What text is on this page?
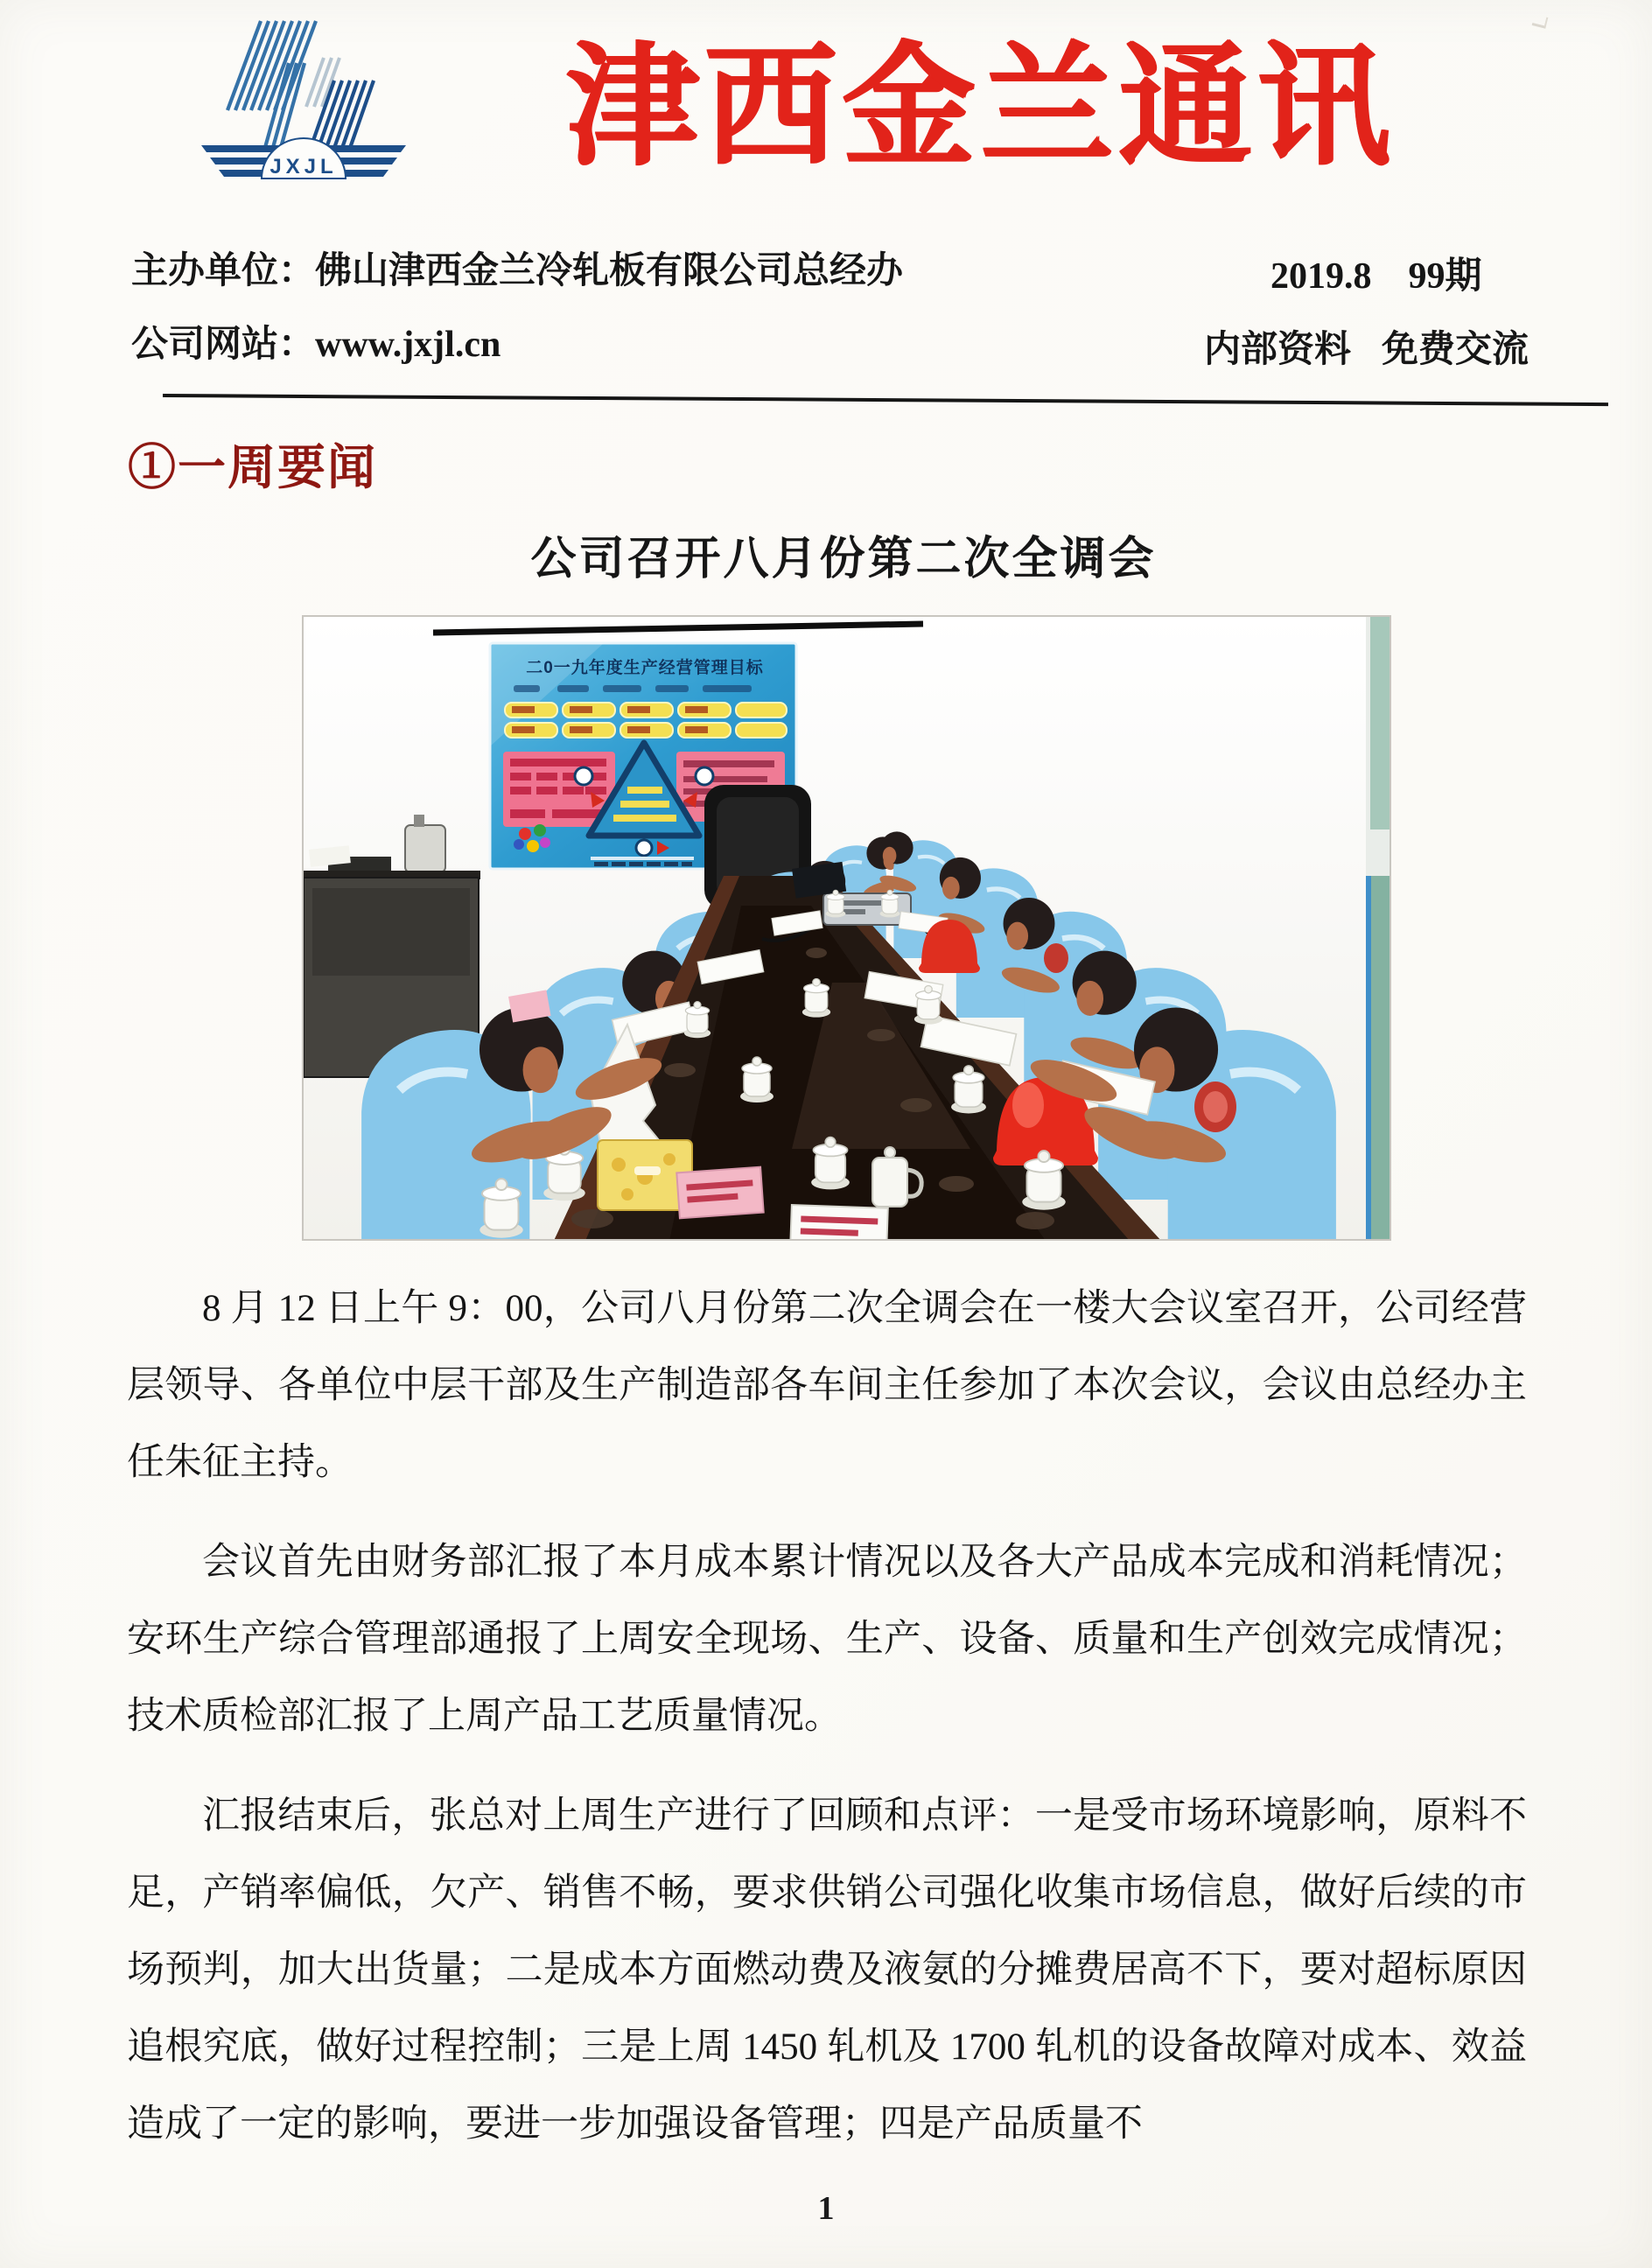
JXJL	津西金兰通讯
主办单位：佛山津西金兰冷轧板有限公司总经办	2019.8    99期
公司网站：www.jxjl.cn	内部资料   免费交流
①一周要闻
公司召开八月份第二次全调会
二0一九年度生产经营管理目标

8 月 12 日上午 9：00，公司八月份第二次全调会在一楼大会议室召开，公司经营层领导、各单位中层干部及生产制造部各车间主任参加了本次会议，会议由总经办主任朱征主持。

会议首先由财务部汇报了本月成本累计情况以及各大产品成本完成和消耗情况；安环生产综合管理部通报了上周安全现场、生产、设备、质量和生产创效完成情况；技术质检部汇报了上周产品工艺质量情况。

汇报结束后，张总对上周生产进行了回顾和点评：一是受市场环境影响，原料不足，产销率偏低，欠产、销售不畅，要求供销公司强化收集市场信息，做好后续的市场预判，加大出货量；二是成本方面燃动费及液氨的分摊费居高不下，要对超标原因追根究底，做好过程控制；三是上周 1450 轧机及 1700 轧机的设备故障对成本、效益造成了一定的影响，要进一步加强设备管理；四是产品质量不

1
